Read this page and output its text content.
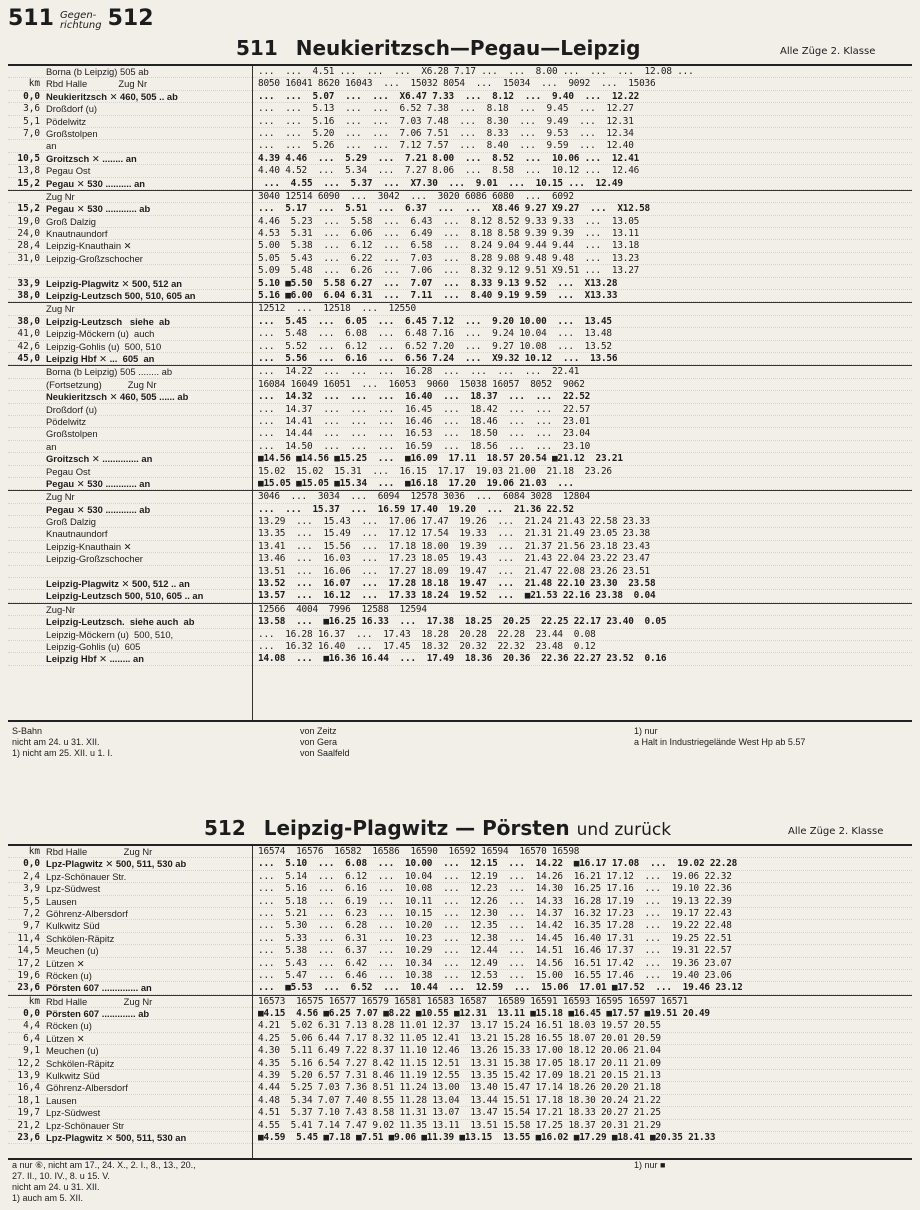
511 Gegen-
richtung 512
511 Neukieritzsch—Pegau—Leipzig	Alle Züge 2. Klasse
Borna (b Leipzig) 505 ab	...  ...  4.51 ...  ...  ...  X6.28 7.17 ...  ...  8.00 ...  ...  ...  12.08 ...
km Rbd Halle            Zug Nr	8050 16041 8620 16043  ...  15032 8054  ...  15034  ...  9092  ...  15036
0,0 Neukieritzsch ✕ 460, 505 .. ab	...  ...  5.07  ...  ...  X6.47 7.33  ...  8.12  ...  9.40  ...  12.22
3,6 Droßdorf (u)	...  ...  5.13  ...  ...  6.52 7.38  ...  8.18  ...  9.45  ...  12.27
5,1 Pödelwitz	...  ...  5.16  ...  ...  7.03 7.48  ...  8.30  ...  9.49  ...  12.31
7,0 Großstolpen	...  ...  5.20  ...  ...  7.06 7.51  ...  8.33  ...  9.53  ...  12.34
an	...  ...  5.26  ...  ...  7.12 7.57  ...  8.40  ...  9.59  ...  12.40
10,5 Groitzsch ✕ ........ an	4.39 4.46  ...  5.29  ...  7.21 8.00  ...  8.52  ...  10.06 ...  12.41
13,8 Pegau Ost	4.40 4.52  ...  5.34  ...  7.27 8.06  ...  8.58  ...  10.12 ...  12.46
15,2 Pegau ✕ 530 .......... an	...  4.55  ...  5.37  ...  X7.30  ...  9.01  ...  10.15 ...  12.49
Zug Nr	3040 12514 6090  ...  3042  ...  3020 6086 6080  ...  6092
15,2 Pegau ✕ 530 ............ ab	...  5.17  ...  5.51  ...  6.37  ...  ...  X8.46 9.27 X9.27  ...  X12.58
19,0 Groß Dalzig	4.46  5.23  ...  5.58  ...  6.43  ...  8.12 8.52 9.33 9.33  ...  13.05
24,0 Knautnaundorf	4.53  5.31  ...  6.06  ...  6.49  ...  8.18 8.58 9.39 9.39  ...  13.11
28,4 Leipzig-Knauthain ✕	5.00  5.38  ...  6.12  ...  6.58  ...  8.24 9.04 9.44 9.44  ...  13.18
31,0 Leipzig-Großzschocher	5.05  5.43  ...  6.22  ...  7.03  ...  8.28 9.08 9.48 9.48  ...  13.23
5.09  5.48  ...  6.26  ...  7.06  ...  8.32 9.12 9.51 X9.51 ...  13.27
33,9 Leipzig-Plagwitz ✕ 500, 512 an	5.10 ■5.50  5.58 6.27  ...  7.07  ...  8.33 9.13 9.52  ...  X13.28
38,0 Leipzig-Leutzsch 500, 510, 605 an	5.16 ■6.00  6.04 6.31  ...  7.11  ...  8.40 9.19 9.59  ...  X13.33
Zug Nr	12512  ...  12518  ...  12550
38,0 Leipzig-Leutzsch   siehe  ab	...  5.45  ...  6.05  ...  6.45 7.12  ...  9.20 10.00  ...  13.45
41,0 Leipzig-Möckern (u)  auch	...  5.48  ...  6.08  ...  6.48 7.16  ...  9.24 10.04  ...  13.48
42,6 Leipzig-Gohlis (u)  500, 510	...  5.52  ...  6.12  ...  6.52 7.20  ...  9.27 10.08  ...  13.52
45,0 Leipzig Hbf ✕ ...  605  an	...  5.56  ...  6.16  ...  6.56 7.24  ...  X9.32 10.12  ...  13.56
Borna (b Leipzig) 505 ........ ab	...  14.22  ...  ...  ...  16.28  ...  ...  ...  ...  22.41
(Fortsetzung)          Zug Nr	16084 16049 16051  ...  16053  9060  15038 16057  8052  9062
Neukieritzsch ✕ 460, 505 ...... ab	...  14.32  ...  ...  ...  16.40  ...  18.37  ...  ...  22.52
Droßdorf (u)	...  14.37  ...  ...  ...  16.45  ...  18.42  ...  ...  22.57
Pödelwitz	...  14.41  ...  ...  ...  16.46  ...  18.46  ...  ...  23.01
Großstolpen	...  14.44  ...  ...  ...  16.53  ...  18.50  ...  ...  23.04
an	...  14.50  ...  ...  ...  16.59  ...  18.56  ...  ...  23.10
Groitzsch ✕ .............. an	■14.56 ■14.56 ■15.25  ...  ■16.09  17.11  18.57 20.54 ■21.12  23.21
Pegau Ost	15.02  15.02  15.31  ...  16.15  17.17  19.03 21.00  21.18  23.26
Pegau ✕ 530 ............ an	■15.05 ■15.05 ■15.34  ...  ■16.18  17.20  19.06 21.03  ...
Zug Nr	3046  ...  3034  ...  6094  12578 3036  ...  6084 3028  12804
Pegau ✕ 530 ............ ab	...  ...  15.37  ...  16.59 17.40  19.20  ...  21.36 22.52
Groß Dalzig	13.29  ...  15.43  ...  17.06 17.47  19.26  ...  21.24 21.43 22.58 23.33
Knautnaundorf	13.35  ...  15.49  ...  17.12 17.54  19.33  ...  21.31 21.49 23.05 23.38
Leipzig-Knauthain ✕	13.41  ...  15.56  ...  17.18 18.00  19.39  ...  21.37 21.56 23.18 23.43
Leipzig-Großzschocher	13.46  ...  16.03  ...  17.23 18.05  19.43  ...  21.43 22.04 23.22 23.47
13.51  ...  16.06  ...  17.27 18.09  19.47  ...  21.47 22.08 23.26 23.51
Leipzig-Plagwitz ✕ 500, 512 .. an	13.52  ...  16.07  ...  17.28 18.18  19.47  ...  21.48 22.10 23.30  23.58
Leipzig-Leutzsch 500, 510, 605 .. an	13.57  ...  16.12  ...  17.33 18.24  19.52  ...  ■21.53 22.16 23.38  0.04
Zug-Nr	12566  4004  7996  12588  12594
Leipzig-Leutzsch.  siehe auch  ab	13.58  ...  ■16.25 16.33  ...  17.38  18.25  20.25  22.25 22.17 23.40  0.05
Leipzig-Möckern (u)  500, 510,	...  16.28 16.37  ...  17.43  18.28  20.28  22.28  23.44  0.08
Leipzig-Gohlis (u)  605	...  16.32 16.40  ...  17.45  18.32  20.32  22.32  23.48  0.12
Leipzig Hbf ✕ ........ an	14.08  ...  ■16.36 16.44  ...  17.49  18.36  20.36  22.36 22.27 23.52  0.16
S-Bahn
nicht am 24. u 31. XII.
1) nicht am 25. XII. u 1. I.
von Zeitz
von Gera
von Saalfeld
1) nur
a Halt in Industriegelände West Hp ab 5.57
512 Leipzig-Plagwitz — Pörsten und zurück	Alle Züge 2. Klasse
km Rbd Halle              Zug Nr	16574  16576  16582  16586  16590  16592 16594  16570 16598
0,0 Lpz-Plagwitz ✕ 500, 511, 530 ab	...  5.10  ...  6.08  ...  10.00  ...  12.15  ...  14.22  ■16.17 17.08  ...  19.02 22.28
2,4 Lpz-Schönauer Str.	...  5.14  ...  6.12  ...  10.04  ...  12.19  ...  14.26  16.21 17.12  ...  19.06 22.32
3,9 Lpz-Südwest	...  5.16  ...  6.16  ...  10.08  ...  12.23  ...  14.30  16.25 17.16  ...  19.10 22.36
5,5 Lausen	...  5.18  ...  6.19  ...  10.11  ...  12.26  ...  14.33  16.28 17.19  ...  19.13 22.39
7,2 Göhrenz-Albersdorf	...  5.21  ...  6.23  ...  10.15  ...  12.30  ...  14.37  16.32 17.23  ...  19.17 22.43
9,7 Kulkwitz Süd	...  5.30  ...  6.28  ...  10.20  ...  12.35  ...  14.42  16.35 17.28  ...  19.22 22.48
11,4 Schkölen-Räpitz	...  5.33  ...  6.31  ...  10.23  ...  12.38  ...  14.45  16.40 17.31  ...  19.25 22.51
14,5 Meuchen (u)	...  5.38  ...  6.37  ...  10.29  ...  12.44  ...  14.51  16.46 17.37  ...  19.31 22.57
17,2 Lützen ✕	...  5.43  ...  6.42  ...  10.34  ...  12.49  ...  14.56  16.51 17.42  ...  19.36 23.07
19,6 Röcken (u)	...  5.47  ...  6.46  ...  10.38  ...  12.53  ...  15.00  16.55 17.46  ...  19.40 23.06
23,6 Pörsten 607 .............. an	...  ■5.53  ...  6.52  ...  10.44  ...  12.59  ...  15.06  17.01 ■17.52  ...  19.46 23.12
km Rbd Halle              Zug Nr	16573  16575 16577 16579 16581 16583 16587  16589 16591 16593 16595 16597 16571
0,0 Pörsten 607 ............. ab	■4.15  4.56 ■6.25 7.07 ■8.22 ■10.55 ■12.31  13.11 ■15.18 ■16.45 ■17.57 ■19.51 20.49
4,4 Röcken (u)	4.21  5.02 6.31 7.13 8.28 11.01 12.37  13.17 15.24 16.51 18.03 19.57 20.55
6,4 Lützen ✕	4.25  5.06 6.44 7.17 8.32 11.05 12.41  13.21 15.28 16.55 18.07 20.01 20.59
9,1 Meuchen (u)	4.30  5.11 6.49 7.22 8.37 11.10 12.46  13.26 15.33 17.00 18.12 20.06 21.04
12,2 Schkölen-Räpitz	4.35  5.16 6.54 7.27 8.42 11.15 12.51  13.31 15.38 17.05 18.17 20.11 21.09
13,9 Kulkwitz Süd	4.39  5.20 6.57 7.31 8.46 11.19 12.55  13.35 15.42 17.09 18.21 20.15 21.13
16,4 Göhrenz-Albersdorf	4.44  5.25 7.03 7.36 8.51 11.24 13.00  13.40 15.47 17.14 18.26 20.20 21.18
18,1 Lausen	4.48  5.34 7.07 7.40 8.55 11.28 13.04  13.44 15.51 17.18 18.30 20.24 21.22
19,7 Lpz-Südwest	4.51  5.37 7.10 7.43 8.58 11.31 13.07  13.47 15.54 17.21 18.33 20.27 21.25
21,2 Lpz-Schönauer Str	4.55  5.41 7.14 7.47 9.02 11.35 13.11  13.51 15.58 17.25 18.37 20.31 21.29
23,6 Lpz-Plagwitz ✕ 500, 511, 530 an	■4.59  5.45 ■7.18 ■7.51 ■9.06 ■11.39 ■13.15  13.55 ■16.02 ■17.29 ■18.41 ■20.35 21.33
a nur ⑥, nicht am 17., 24. X., 2. I., 8., 13., 20.,
27. II., 10. IV., 8. u 15. V.
nicht am 24. u 31. XII.
1) auch am 5. XII.
1) nur ■
